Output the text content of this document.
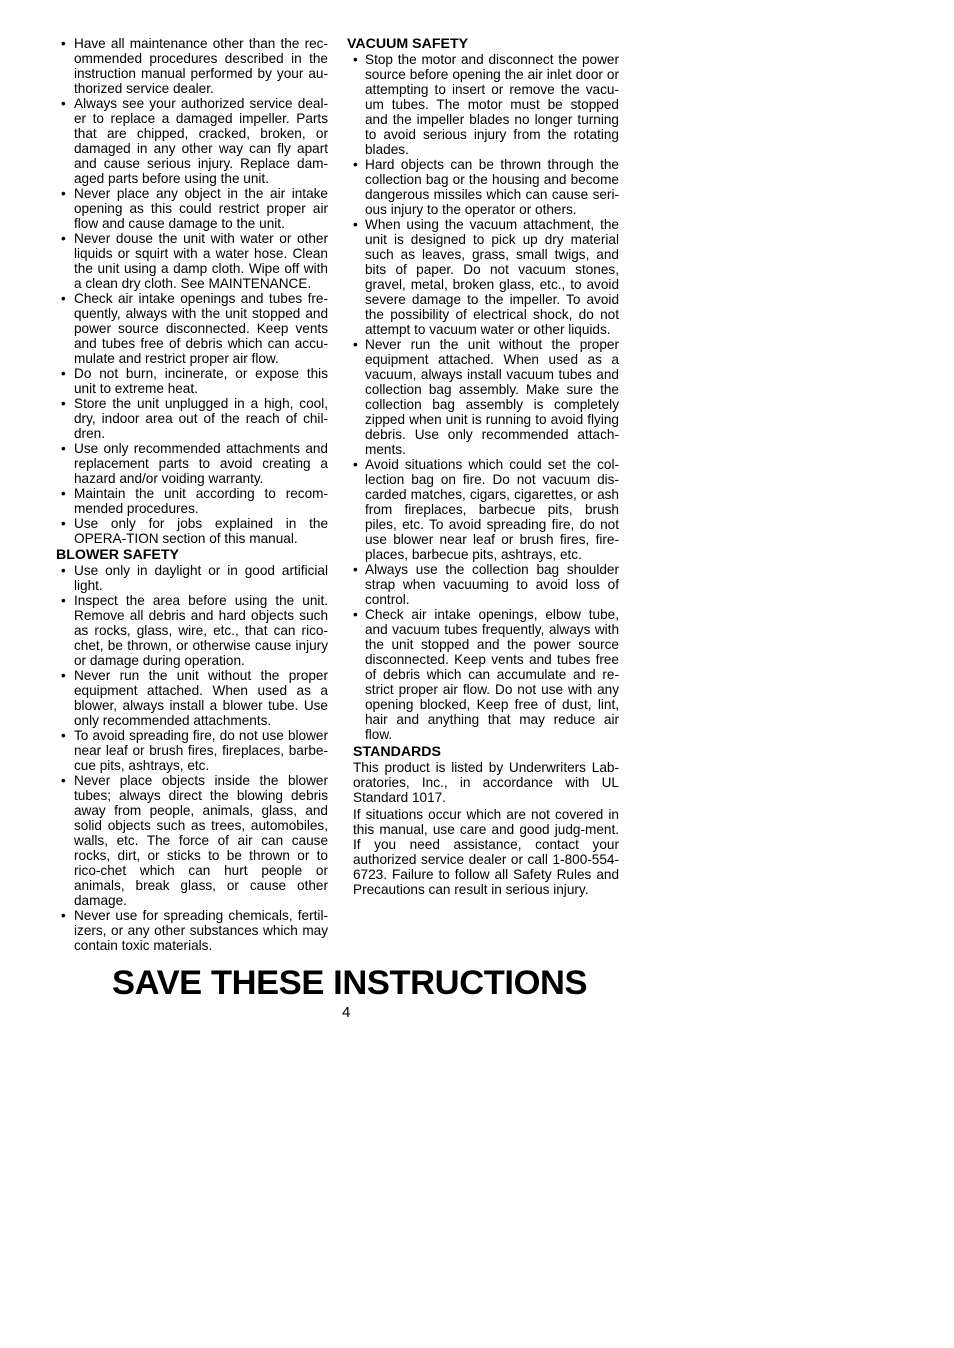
• Have all maintenance other than the rec-ommended procedures described in the instruction manual performed by your au-thorized service dealer.
• Always see your authorized service deal-er to replace a damaged impeller. Parts that are chipped, cracked, broken, or damaged in any other way can fly apart and cause serious injury. Replace dam-aged parts before using the unit.
• Never place any object in the air intake opening as this could restrict proper air flow and cause damage to the unit.
• Never douse the unit with water or other liquids or squirt with a water hose. Clean the unit using a damp cloth. Wipe off with a clean dry cloth. See MAINTENANCE.
• Check air intake openings and tubes fre-quently, always with the unit stopped and power source disconnected. Keep vents and tubes free of debris which can accu-mulate and restrict proper air flow.
• Do not burn, incinerate, or expose this unit to extreme heat.
• Store the unit unplugged in a high, cool, dry, indoor area out of the reach of chil-dren.
• Use only recommended attachments and replacement parts to avoid creating a hazard and/or voiding warranty.
• Maintain the unit according to recom-mended procedures.
• Use only for jobs explained in the OPERA-TION section of this manual.
BLOWER SAFETY
• Use only in daylight or in good artificial light.
• Inspect the area before using the unit. Remove all debris and hard objects such as rocks, glass, wire, etc., that can rico-chet, be thrown, or otherwise cause injury or damage during operation.
• Never run the unit without the proper equipment attached. When used as a blower, always install a blower tube. Use only recommended attachments.
• To avoid spreading fire, do not use blower near leaf or brush fires, fireplaces, barbe-cue pits, ashtrays, etc.
• Never place objects inside the blower tubes; always direct the blowing debris away from people, animals, glass, and solid objects such as trees, automobiles, walls, etc. The force of air can cause rocks, dirt, or sticks to be thrown or to rico-chet which can hurt people or animals, break glass, or cause other damage.
• Never use for spreading chemicals, fertil-izers, or any other substances which may contain toxic materials.
VACUUM SAFETY
• Stop the motor and disconnect the power source before opening the air inlet door or attempting to insert or remove the vacu-um tubes. The motor must be stopped and the impeller blades no longer turning to avoid serious injury from the rotating blades.
• Hard objects can be thrown through the collection bag or the housing and become dangerous missiles which can cause seri-ous injury to the operator or others.
• When using the vacuum attachment, the unit is designed to pick up dry material such as leaves, grass, small twigs, and bits of paper. Do not vacuum stones, gravel, metal, broken glass, etc., to avoid severe damage to the impeller. To avoid the possibility of electrical shock, do not attempt to vacuum water or other liquids.
• Never run the unit without the proper equipment attached. When used as a vacuum, always install vacuum tubes and collection bag assembly. Make sure the collection bag assembly is completely zipped when unit is running to avoid flying debris. Use only recommended attach-ments.
• Avoid situations which could set the col-lection bag on fire. Do not vacuum dis-carded matches, cigars, cigarettes, or ash from fireplaces, barbecue pits, brush piles, etc. To avoid spreading fire, do not use blower near leaf or brush fires, fire-places, barbecue pits, ashtrays, etc.
• Always use the collection bag shoulder strap when vacuuming to avoid loss of control.
• Check air intake openings, elbow tube, and vacuum tubes frequently, always with the unit stopped and the power source disconnected. Keep vents and tubes free of debris which can accumulate and re-strict proper air flow. Do not use with any opening blocked, Keep free of dust, lint, hair and anything that may reduce air flow.
STANDARDS

This product is listed by Underwriters Lab-oratories, Inc., in accordance with UL Standard 1017.

If situations occur which are not covered in this manual, use care and good judg-ment. If you need assistance, contact your authorized service dealer or call 1-800-554-6723. Failure to follow all Safety Rules and Precautions can result in serious injury.

SAVE THESE INSTRUCTIONS
4
